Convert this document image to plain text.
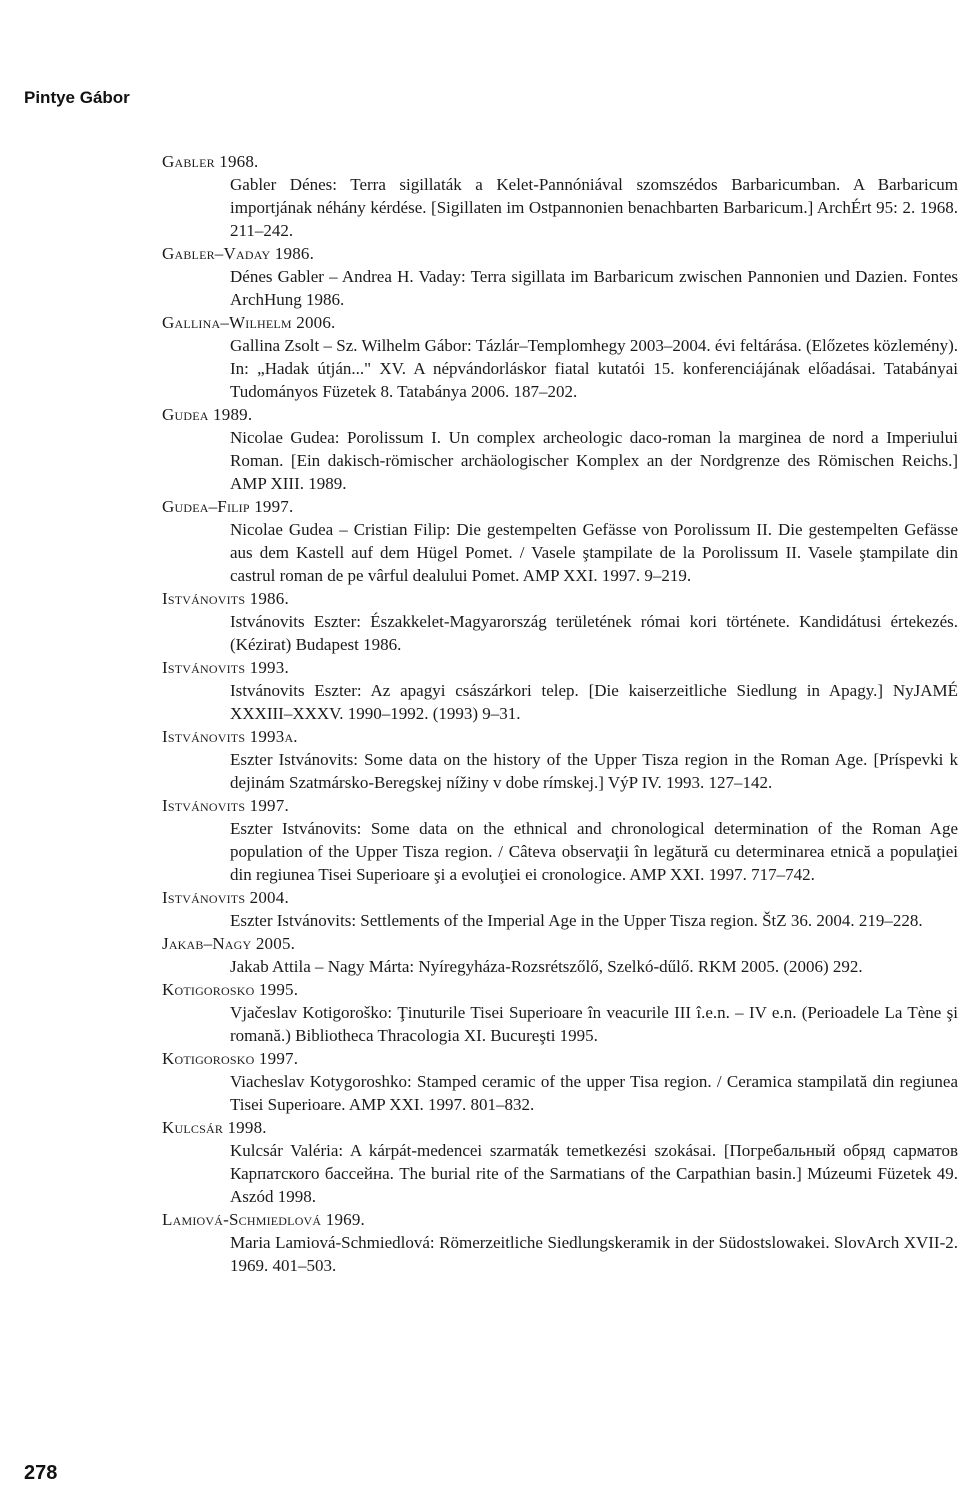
Pintye Gábor
Gabler 1968.
Gabler Dénes: Terra sigillaták a Kelet-Pannóniával szomszédos Barbaricumban. A Barbaricum importjának néhány kérdése. [Sigillaten im Ostpannonien benachbarten Barbaricum.] ArchÉrt 95: 2. 1968. 211–242.
Gabler–Vaday 1986.
Dénes Gabler – Andrea H. Vaday: Terra sigillata im Barbaricum zwischen Pannonien und Dazien. Fontes ArchHung 1986.
Gallina–Wilhelm 2006.
Gallina Zsolt – Sz. Wilhelm Gábor: Tázlár–Templomhegy 2003–2004. évi feltárása. (Előzetes közlemény). In: „Hadak útján..." XV. A népvándorláskor fiatal kutatói 15. konferenciájának előadásai. Tatabányai Tudományos Füzetek 8. Tatabánya 2006. 187–202.
Gudea 1989.
Nicolae Gudea: Porolissum I. Un complex archeologic daco-roman la marginea de nord a Imperiului Roman. [Ein dakisch-römischer archäologischer Komplex an der Nordgrenze des Römischen Reichs.] AMP XIII. 1989.
Gudea–Filip 1997.
Nicolae Gudea – Cristian Filip: Die gestempelten Gefässe von Porolissum II. Die gestempelten Gefässe aus dem Kastell auf dem Hügel Pomet. / Vasele ştampilate de la Porolissum II. Vasele ştampilate din castrul roman de pe vârful dealului Pomet. AMP XXI. 1997. 9–219.
Istvánovits 1986.
Istvánovits Eszter: Északkelet-Magyarország területének római kori története. Kandidátusi értekezés. (Kézirat) Budapest 1986.
Istvánovits 1993.
Istvánovits Eszter: Az apagyi császárkori telep. [Die kaiserzeitliche Siedlung in Apagy.] NyJAMÉ XXXIII–XXXV. 1990–1992. (1993) 9–31.
Istvánovits 1993a.
Eszter Istvánovits: Some data on the history of the Upper Tisza region in the Roman Age. [Príspevki k dejinám Szatmársko-Beregskej nížiny v dobe rímskej.] VýP IV. 1993. 127–142.
Istvánovits 1997.
Eszter Istvánovits: Some data on the ethnical and chronological determination of the Roman Age population of the Upper Tisza region. / Câteva observaţii în legătură cu determinarea etnică a populaţiei din regiunea Tisei Superioare şi a evoluţiei ei cronologice. AMP XXI. 1997. 717–742.
Istvánovits 2004.
Eszter Istvánovits: Settlements of the Imperial Age in the Upper Tisza region. ŠtZ 36. 2004. 219–228.
Jakab–Nagy 2005.
Jakab Attila – Nagy Márta: Nyíregyháza-Rozsrétszőlő, Szelkó-dűlő. RKM 2005. (2006) 292.
Kotigorosko 1995.
Vjačeslav Kotigoroško: Ţinuturile Tisei Superioare în veacurile III î.e.n. – IV e.n. (Perioadele La Tène şi romană.) Bibliotheca Thracologia XI. Bucureşti 1995.
Kotigorosko 1997.
Viacheslav Kotygoroshko: Stamped ceramic of the upper Tisa region. / Ceramica stampilată din regiunea Tisei Superioare. AMP XXI. 1997. 801–832.
Kulcsár 1998.
Kulcsár Valéria: A kárpát-medencei szarmaták temetkezési szokásai. [Погребальный обряд сарматов Карпатского бассейна. The burial rite of the Sarmatians of the Carpathian basin.] Múzeumi Füzetek 49. Aszód 1998.
Lamiová-Schmiedlová 1969.
Maria Lamiová-Schmiedlová: Römerzeitliche Siedlungskeramik in der Südostslowakei. SlovArch XVII-2. 1969. 401–503.
278
